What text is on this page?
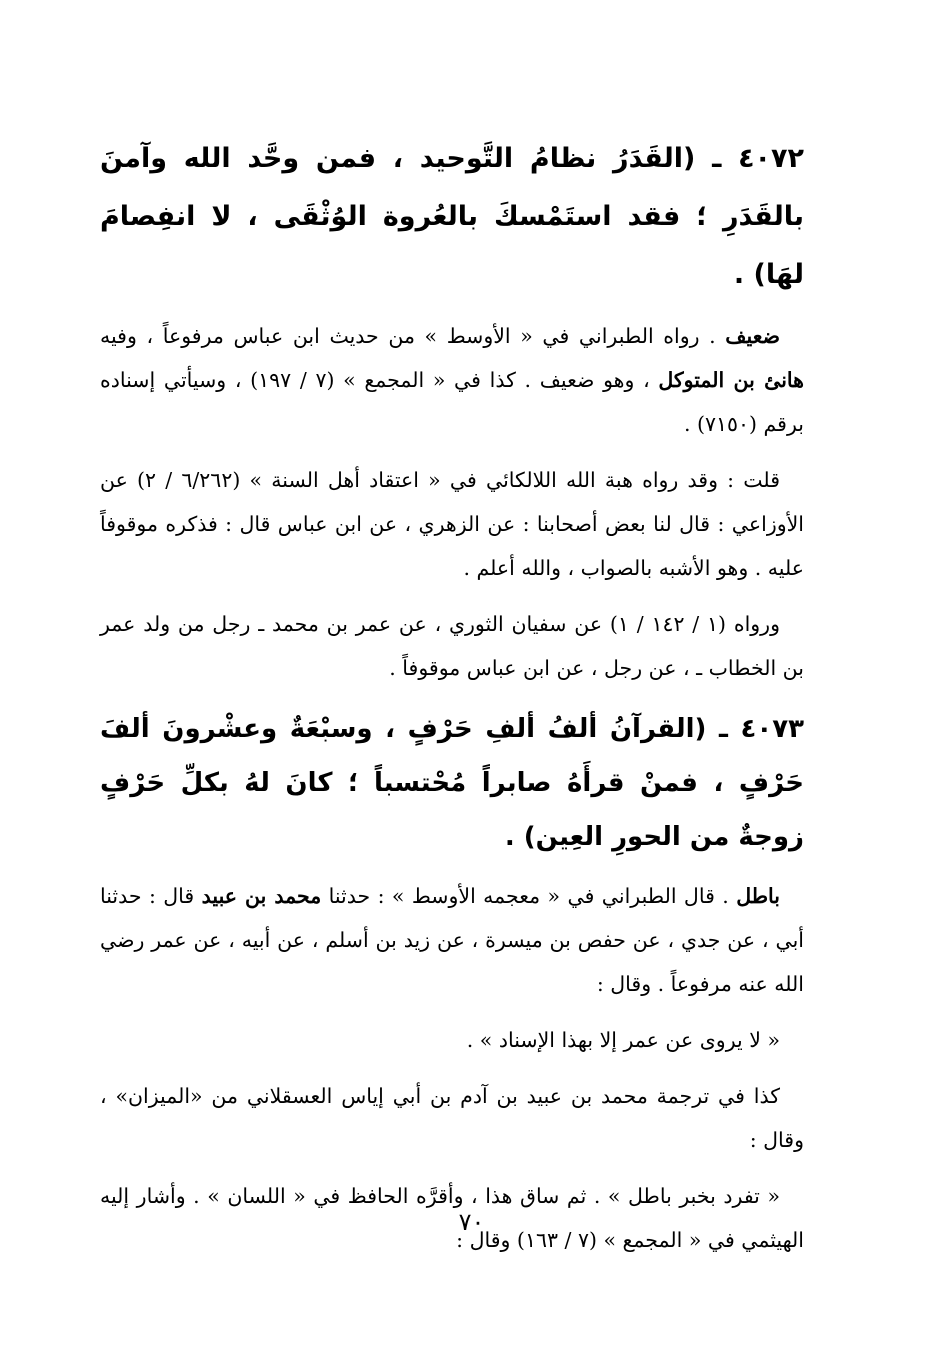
٤٠٧٢ ـ (القَدَرُ نظامُ التَّوحيد ، فمن وحَّد الله وآمنَ بالقَدَرِ ؛ فقد استَمْسكَ بالعُروة الوُثْقَى ، لا انفِصامَ لهَا) .

ضعيف . رواه الطبراني في « الأوسط » من حديث ابن عباس مرفوعاً ، وفيه هانئ بن المتوكل ، وهو ضعيف . كذا في « المجمع » (٧ / ١٩٧) ، وسيأتي إسناده برقم (٧١٥٠) .

قلت : وقد رواه هبة الله اللالكائي في « اعتقاد أهل السنة » (٦/٢٦٢ / ٢) عن الأوزاعي : قال لنا بعض أصحابنا : عن الزهري ، عن ابن عباس قال : فذكره موقوفاً عليه . وهو الأشبه بالصواب ، والله أعلم .

ورواه (١ / ١٤٢ / ١) عن سفيان الثوري ، عن عمر بن محمد ـ رجل من ولد عمر بن الخطاب ـ ، عن رجل ، عن ابن عباس موقوفاً .

٤٠٧٣ ـ (القرآنُ ألفُ ألفِ حَرْفٍ ، وسبْعَةٌ وعشْرونَ ألفَ حَرْفٍ ، فمنْ قرأَهُ صابراً مُحْتسباً ؛ كانَ لهُ بكلِّ حَرْفٍ زوجةٌ من الحورِ العِين) .

باطل . قال الطبراني في « معجمه الأوسط » : حدثنا محمد بن عبيد قال : حدثنا أبي ، عن جدي ، عن حفص بن ميسرة ، عن زيد بن أسلم ، عن أبيه ، عن عمر رضي الله عنه مرفوعاً . وقال :

« لا يروى عن عمر إلا بهذا الإسناد » .

كذا في ترجمة محمد بن عبيد بن آدم بن أبي إياس العسقلاني من «الميزان» ، وقال :

« تفرد بخبر باطل » . ثم ساق هذا ، وأقرَّه الحافظ في « اللسان » . وأشار إليه الهيثمي في « المجمع » (٧ / ١٦٣) وقال :

٧٠
